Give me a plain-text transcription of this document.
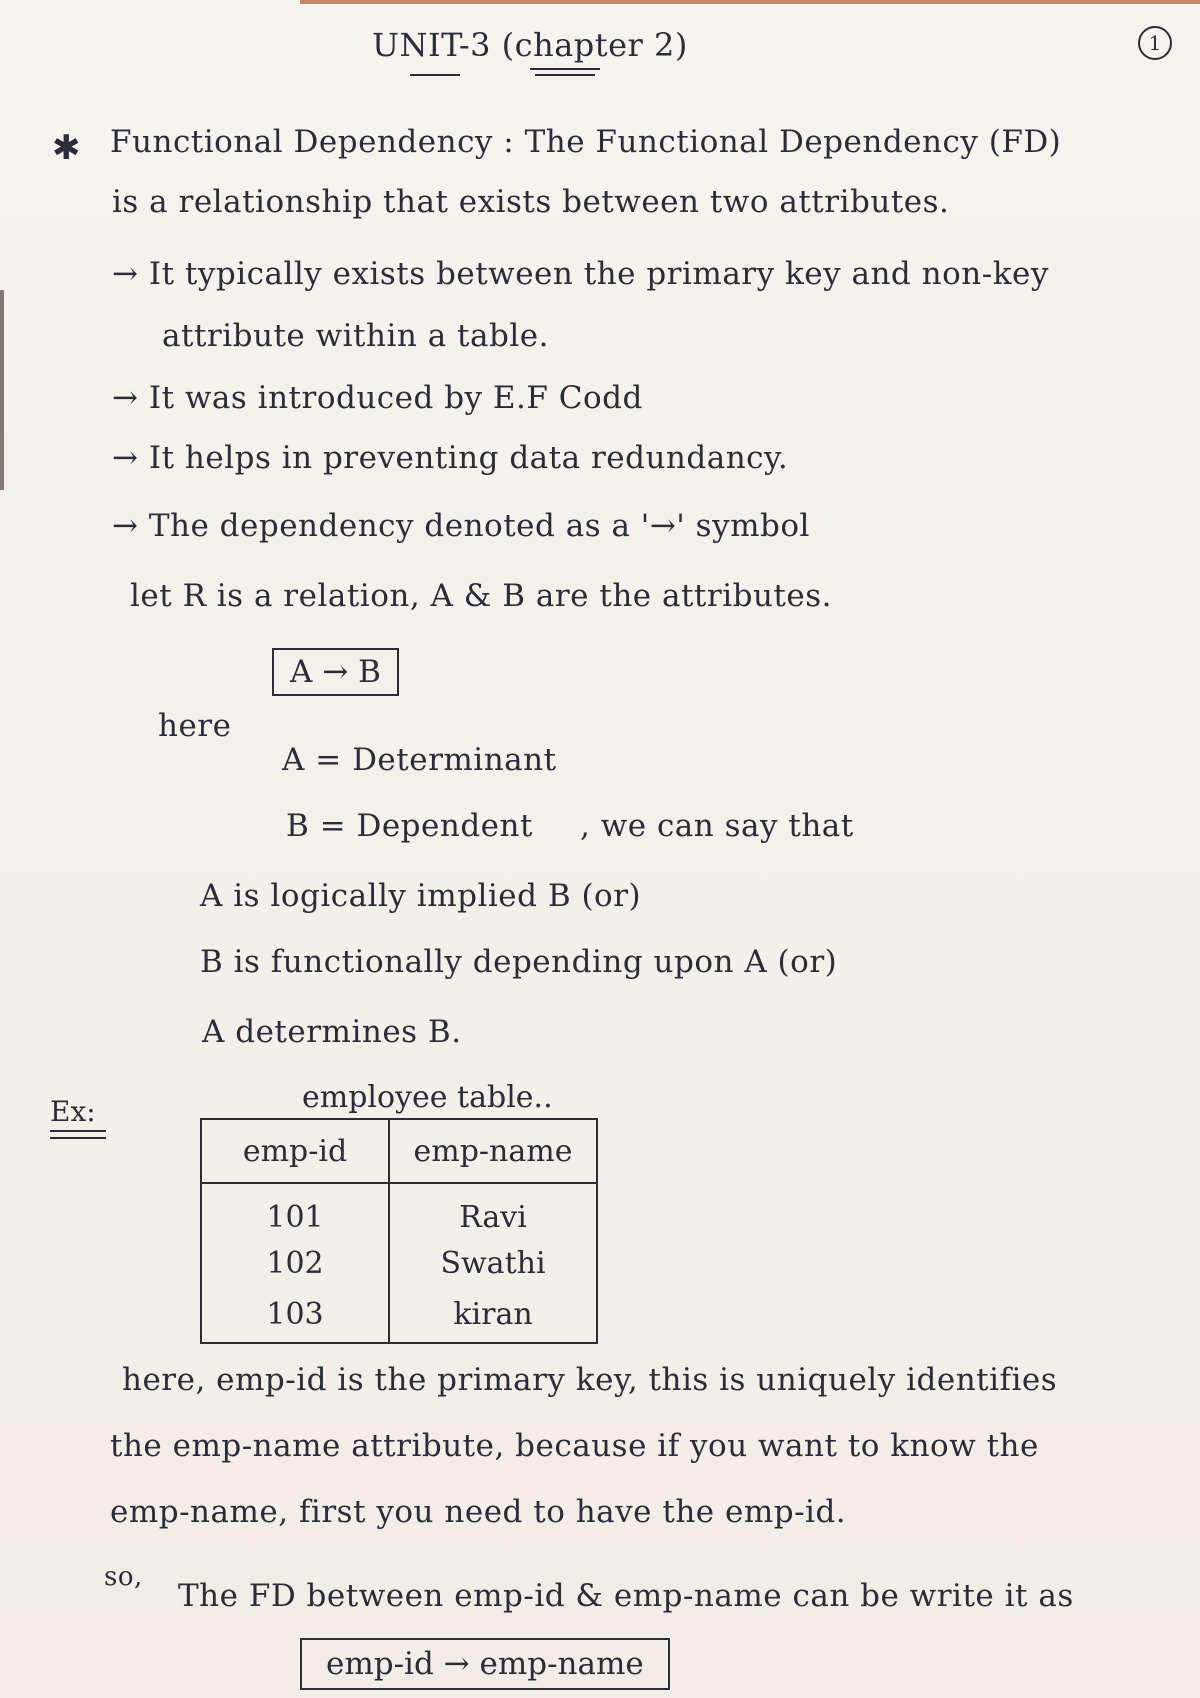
UNIT-3 (chapter 2)	1
✱ Functional Dependency : The Functional Dependency (FD)
is a relationship that exists between two attributes.
→ It typically exists between the primary key and non-key
attribute within a table.
→ It was introduced by E.F Codd
→ It helps in preventing data redundancy.
→ The dependency denoted as a '→' symbol
let R is a relation, A & B are the attributes.
A → B
here
A = Determinant
B = Dependent , we can say that
A is logically implied B (or)
B is functionally depending upon A (or)
A determines B.
Ex:	employee table..
emp-id	emp-name
101	Ravi
102	Swathi
103	kiran
here, emp-id is the primary key, this is uniquely identifies
the emp-name attribute, because if you want to know the
emp-name, first you need to have the emp-id.
so,
The FD between emp-id & emp-name can be write it as
emp-id → emp-name
